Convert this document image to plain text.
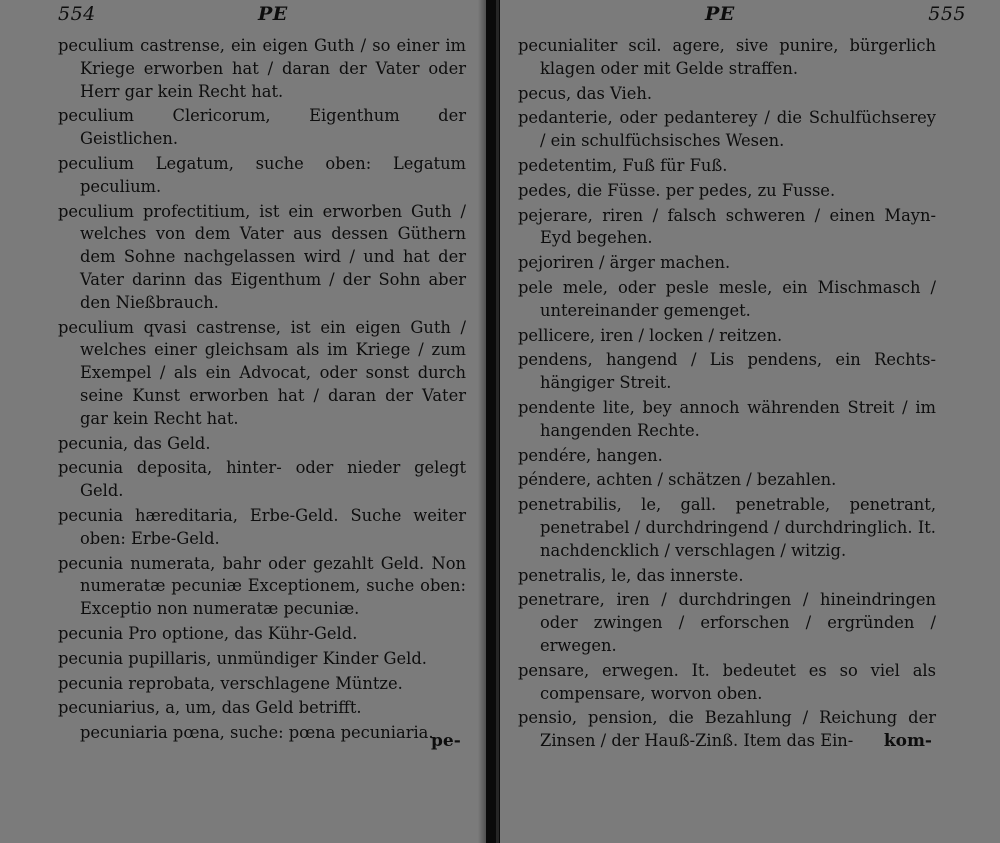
554	PE

peculium castrense, ein eigen Guth / so einer im Kriege erworben hat / daran der Vater oder Herr gar kein Recht hat.

peculium Clericorum, Eigenthum der Geistlichen.

peculium Legatum, suche oben: Legatum peculium.

peculium profectitium, ist ein erworben Guth / welches von dem Vater aus dessen Güthern dem Sohne nachgelassen wird / und hat der Vater darinn das Eigenthum / der Sohn aber den Nießbrauch.

peculium qvasi castrense, ist ein eigen Guth / welches einer gleichsam als im Kriege / zum Exempel / als ein Advocat, oder sonst durch seine Kunst erworben hat / daran der Vater gar kein Recht hat.

pecunia, das Geld.

pecunia deposita, hinter- oder nieder gelegt Geld.

pecunia hæreditaria, Erbe-Geld. Suche weiter oben: Erbe-Geld.

pecunia numerata, bahr oder gezahlt Geld. Non numeratæ pecuniæ Exceptionem, suche oben: Exceptio non numeratæ pecuniæ.

pecunia Pro optione, das Kühr-Geld.

pecunia pupillaris, unmündiger Kinder Geld.

pecunia reprobata, verschlagene Müntze.

pecuniarius, a, um, das Geld betrifft.

pecuniaria pœna, suche: pœna pecuniaria.

pe-
PE	555

pecunialiter scil. agere, sive punire, bürgerlich klagen oder mit Gelde straffen.

pecus, das Vieh.

pedanterie, oder pedanterey / die Schulfüchserey / ein schulfüchsisches Wesen.

pedetentim, Fuß für Fuß.

pedes, die Füsse. per pedes, zu Fusse.

pejerare, riren / falsch schweren / einen Mayn-Eyd begehen.

pejoriren / ärger machen.

pele mele, oder pesle mesle, ein Mischmasch / untereinander gemenget.

pellicere, iren / locken / reitzen.

pendens, hangend / Lis pendens, ein Rechts-hängiger Streit.

pendente lite, bey annoch währenden Streit / im hangenden Rechte.

pendére, hangen.

péndere, achten / schätzen / bezahlen.

penetrabilis, le, gall. penetrable, penetrant, penetrabel / durchdringend / durchdringlich. It. nachdencklich / verschlagen / witzig.

penetralis, le, das innerste.

penetrare, iren / durchdringen / hineindringen oder zwingen / erforschen / ergründen / erwegen.

pensare, erwegen. It. bedeutet es so viel als compensare, worvon oben.

pensio, pension, die Bezahlung / Reichung der Zinsen / der Hauß-Zinß. Item das Ein-	kom-
